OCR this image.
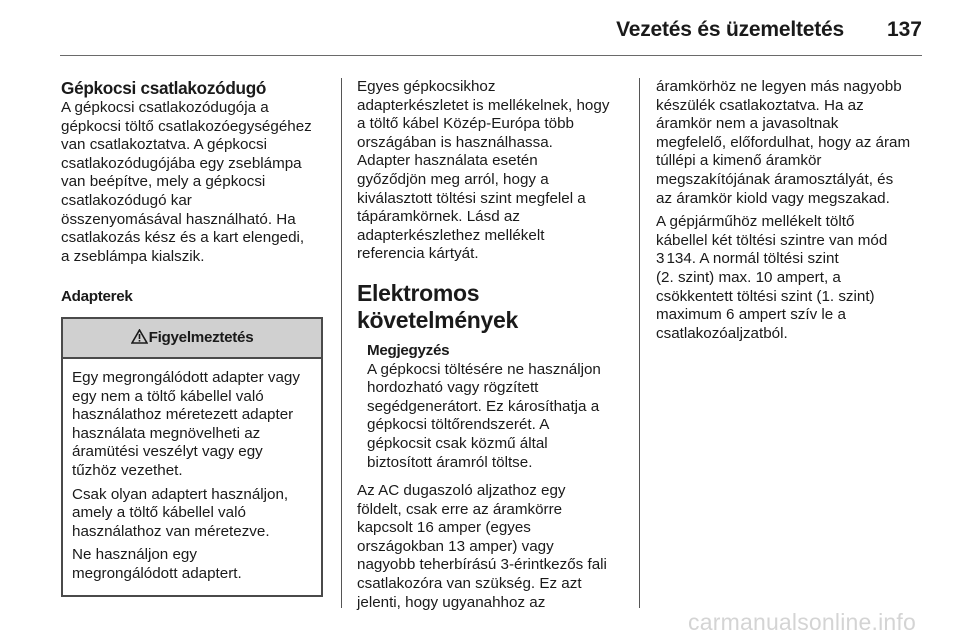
Vezetés és üzemeltetés 137
Gépkocsi csatlakozódugó

A gépkocsi csatlakozódugója a
gépkocsi töltő csatlakozóegységéhez
van csatlakoztatva. A gépkocsi
csatlakozódugójába egy zseblámpa
van beépítve, mely a gépkocsi
csatlakozódugó kar
összenyomásával használható. Ha
csatlakozás kész és a kart elengedi,
a zseblámpa kialszik.

Adapterek
Figyelmeztetés

Egy megrongálódott adapter vagy
egy nem a töltő kábellel való
használathoz méretezett adapter
használata megnövelheti az
áramütési veszélyt vagy egy
tűzhöz vezethet.

Csak olyan adaptert használjon,
amely a töltő kábellel való
használathoz van méretezve.

Ne használjon egy
megrongálódott adaptert.

Egyes gépkocsikhoz
adapterkészletet is mellékelnek, hogy
a töltő kábel Közép-Európa több
országában is használhassa.
Adapter használata esetén
győződjön meg arról, hogy a
kiválasztott töltési szint megfelel a
tápáramkörnek. Lásd az
adapterkészlethez mellékelt
referencia kártyát.

Elektromos
követelmények
Megjegyzés

A gépkocsi töltésére ne használjon
hordozható vagy rögzített
segédgenerátort. Ez károsíthatja a
gépkocsi töltőrendszerét. A
gépkocsit csak közmű által
biztosított áramról töltse.

Az AC dugaszoló aljzathoz egy
földelt, csak erre az áramkörre
kapcsolt 16 amper (egyes
országokban 13 amper) vagy
nagyobb teherbírású 3-érintkezős fali
csatlakozóra van szükség. Ez azt
jelenti, hogy ugyanahhoz az

áramkörhöz ne legyen más nagyobb
készülék csatlakoztatva. Ha az
áramkör nem a javasoltnak
megfelelő, előfordulhat, hogy az áram
túllépi a kimenő áramkör
megszakítójának áramosztályát, és
az áramkör kiold vagy megszakad.

A gépjárműhöz mellékelt töltő
kábellel két töltési szintre van mód
3 134. A normál töltési szint
(2. szint) max. 10 ampert, a
csökkentett töltési szint (1. szint)
maximum 6 ampert szív le a
csatlakozóaljzatból.

carmanualsonline.info
